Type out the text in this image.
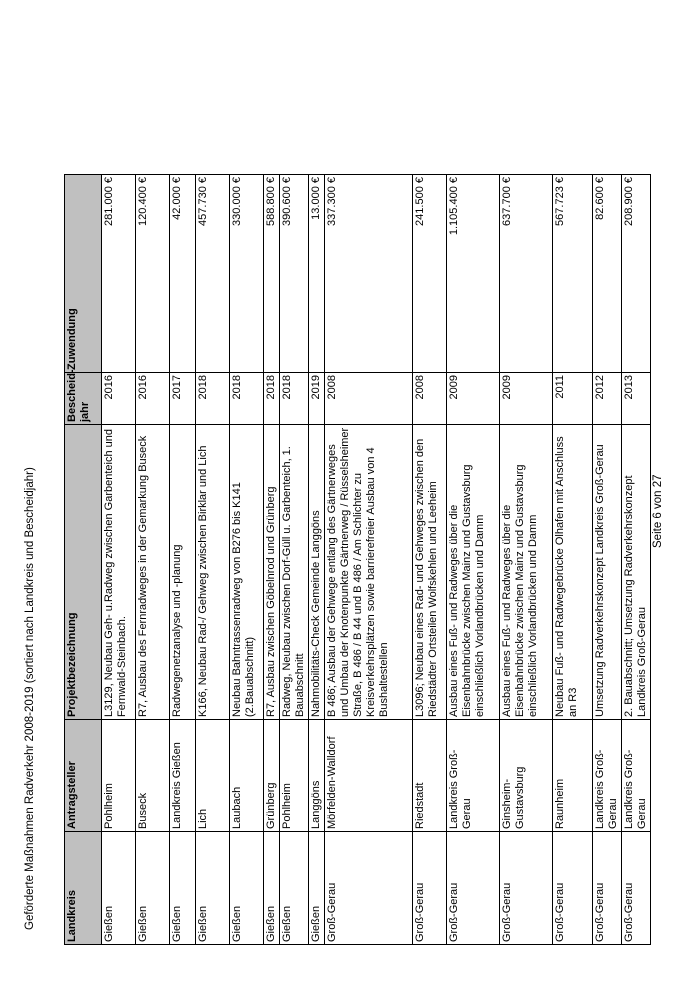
Geförderte Maßnahmen Radverkehr 2008-2019 (sortiert nach Landkreis und Bescheidjahr)	Landkreis	Antragsteller	Projektbezeichnung	Bescheid-jahr	Zuwendung
Gießen	Pohlheim	L3129, Neubau Geh- u.Radweg zwischen Garbenteich und Fernwald-Steinbach.	2016	281.000 €
Gießen	Buseck	R7, Ausbau des Fernradweges in der Gemarkung Buseck	2016	120.400 €
Gießen	Landkreis Gießen	Radwegenetzanalyse und -planung	2017	42.000 €
Gießen	Lich	K166, Neubau Rad-/ Gehweg zwischen Birklar und Lich	2018	457.730 €
Gießen	Laubach	Neubau Bahntrassenradweg von B276 bis K141 (2.Bauabschnitt)	2018	330.000 €
Gießen	Grünberg	R7, Ausbau zwischen Göbelnrod und Grünberg	2018	588.800 €
Gießen	Pohlheim	Radweg, Neubau zwischen Dorf-Güll u. Garbenteich, 1. Bauabschnitt	2018	390.600 €
Gießen	Langgöns	Nahmobilitäts-Check Gemeinde Langgöns	2019	13.000 €
Groß-Gerau	Mörfelden-Walldorf	B 486; Ausbau der Gehwege entlang des Gärtnerweges und Umbau der Knotenpunkte Gärtnerweg / Rüsselsheimer Straße, B 486 / B 44 und B 486 / Am Schlichter zu Kreisverkehrsplätzen sowie barrierefreier Ausbau von 4 Bushaltestellen	2008	337.300 €
Groß-Gerau	Riedstadt	L3096; Neubau eines Rad- und Gehweges zwischen den Riedstädter Ortsteilen Wolfskehlen und Leeheim	2008	241.500 €
Groß-Gerau	Landkreis Groß-Gerau	Ausbau eines Fuß- und Radweges über die Eisenbahnbrücke zwischen Mainz und Gustavsburg einschließlich Vorlandbrücken und Damm	2009	1.105.400 €
Groß-Gerau	Ginsheim-Gustavsburg	Ausbau eines Fuß- und Radweges über die Eisenbahnbrücke zwischen Mainz und Gustavsburg einschließlich Vorlandbrücken und Damm	2009	637.700 €
Groß-Gerau	Raunheim	Neubau Fuß- und Radwegebrücke Olhafen mit Anschluss an R3	2011	567.723 €
Groß-Gerau	Landkreis Groß-Gerau	Umsetzung Radverkehrskonzept Landkreis Groß-Gerau	2012	82.600 €
Groß-Gerau	Landkreis Groß-Gerau	2. Bauabschnitt; Umsetzung Radverkehrskonzept Landkreis Groß-Gerau	2013	208.900 €
Seite 6 von 27
